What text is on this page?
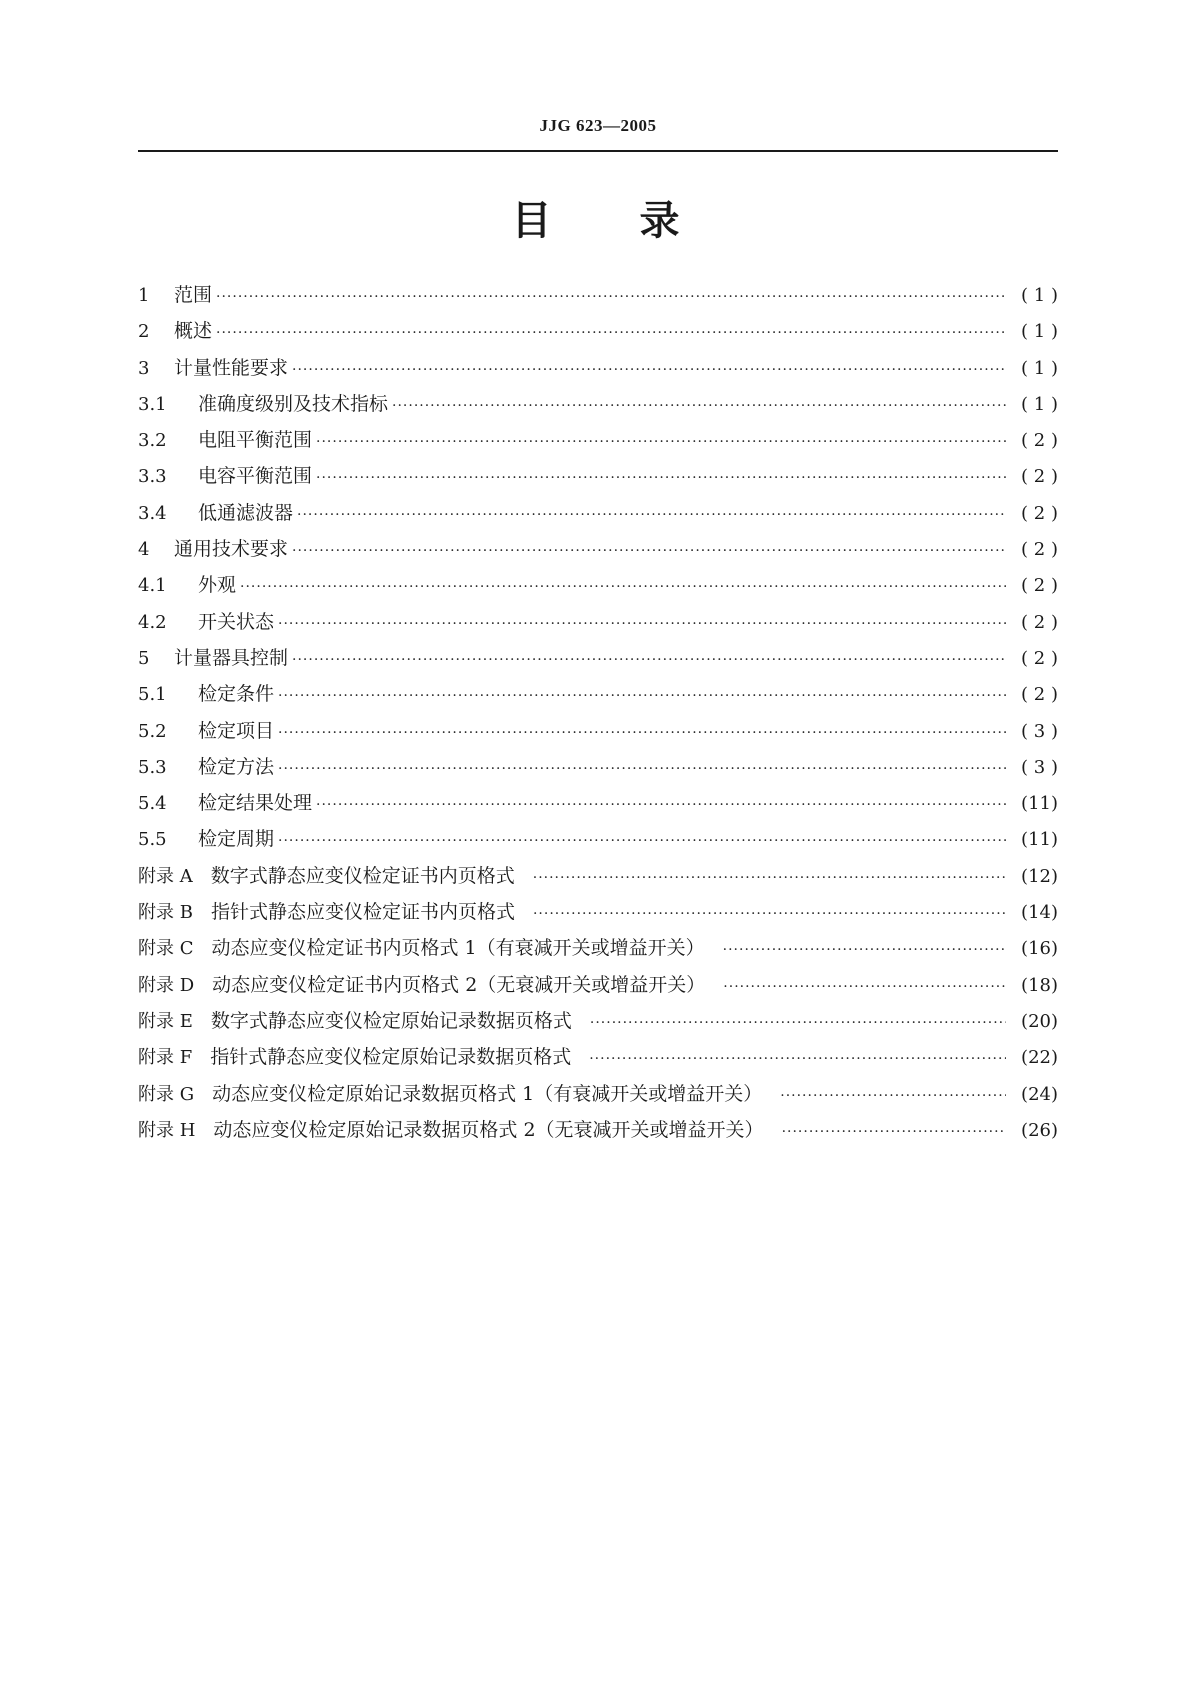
JJG 623—2005
目 录
1	范围 ·····	( 1 )
2	概述 ·····	( 1 )
3	计量性能要求 ·····	( 1 )
3.1	准确度级别及技术指标 ·····	( 1 )
3.2	电阻平衡范围 ·····	( 2 )
3.3	电容平衡范围 ·····	( 2 )
3.4	低通滤波器 ·····	( 2 )
4	通用技术要求 ·····	( 2 )
4.1	外观 ·····	( 2 )
4.2	开关状态 ·····	( 2 )
5	计量器具控制 ·····	( 2 )
5.1	检定条件 ·····	( 2 )
5.2	检定项目 ·····	( 3 )
5.3	检定方法 ·····	( 3 )
5.4	检定结果处理 ·····	(11)
5.5	检定周期 ·····	(11)
附录 A 数字式静态应变仪检定证书内页格式 ·····	(12)
附录 B 指针式静态应变仪检定证书内页格式 ·····	(14)
附录 C 动态应变仪检定证书内页格式 1（有衰减开关或增益开关） ·····	(16)
附录 D 动态应变仪检定证书内页格式 2（无衰减开关或增益开关） ·····	(18)
附录 E 数字式静态应变仪检定原始记录数据页格式 ·····	(20)
附录 F 指针式静态应变仪检定原始记录数据页格式 ·····	(22)
附录 G 动态应变仪检定原始记录数据页格式 1（有衰减开关或增益开关） ·····	(24)
附录 H 动态应变仪检定原始记录数据页格式 2（无衰减开关或增益开关） ·····	(26)
